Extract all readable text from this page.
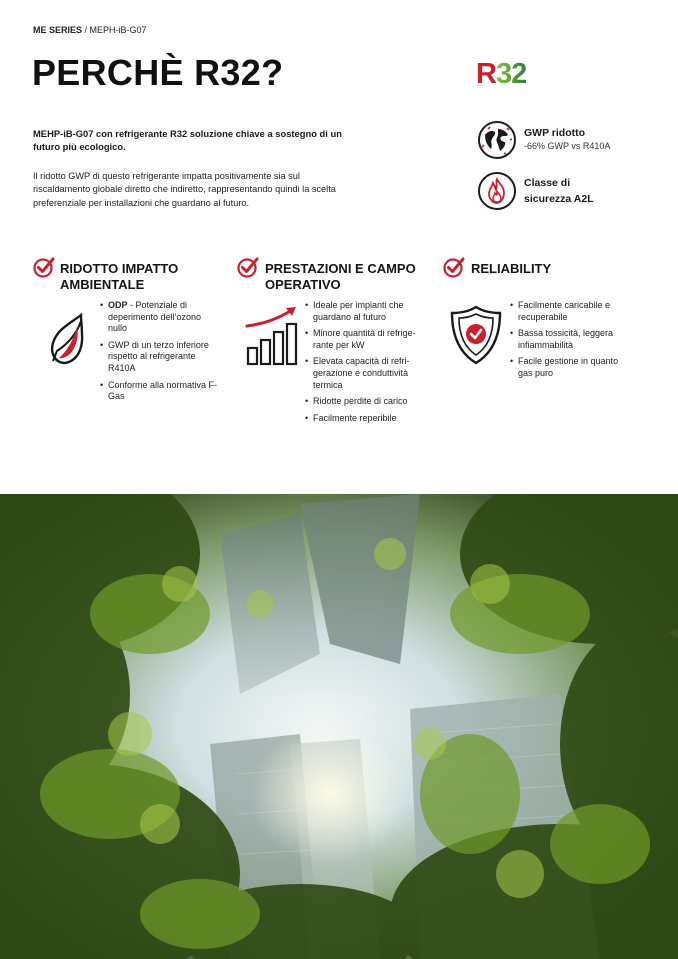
ME SERIES / MEPH-iB-G07
PERCHÈ R32?	R32
MEHP-iB-G07 con refrigerante R32 soluzione chiave a sostegno di un futuro più ecologico.
Il ridotto GWP di questo refrigerante impatta positivamente sia sul riscaldamento globale diretto che indiretto, rappresentando quindi la scelta preferenziale per installazioni che guardano al futuro.
GWP ridotto
-66% GWP vs R410A
Classe di
sicurezza A2L
RIDOTTO IMPATTO
AMBIENTALE
• ODP - Potenziale di deperimento dell’ozono nullo
• GWP di un terzo inferiore rispetto al refrigerante R410A
• Conforme alla normativa F-Gas
PRESTAZIONI E CAMPO
OPERATIVO
• Ideale per impianti che guardano al futuro
• Minore quantità di refrige-rante per kW
• Elevata capacità di refri-gerazione e conduttività termica
• Ridotte perdite di carico
• Facilmente reperibile
RELIABILITY
• Facilmente caricabile e recuperabile
• Bassa tossicità, leggera infiammabilità
• Facile gestione in quanto gas puro
